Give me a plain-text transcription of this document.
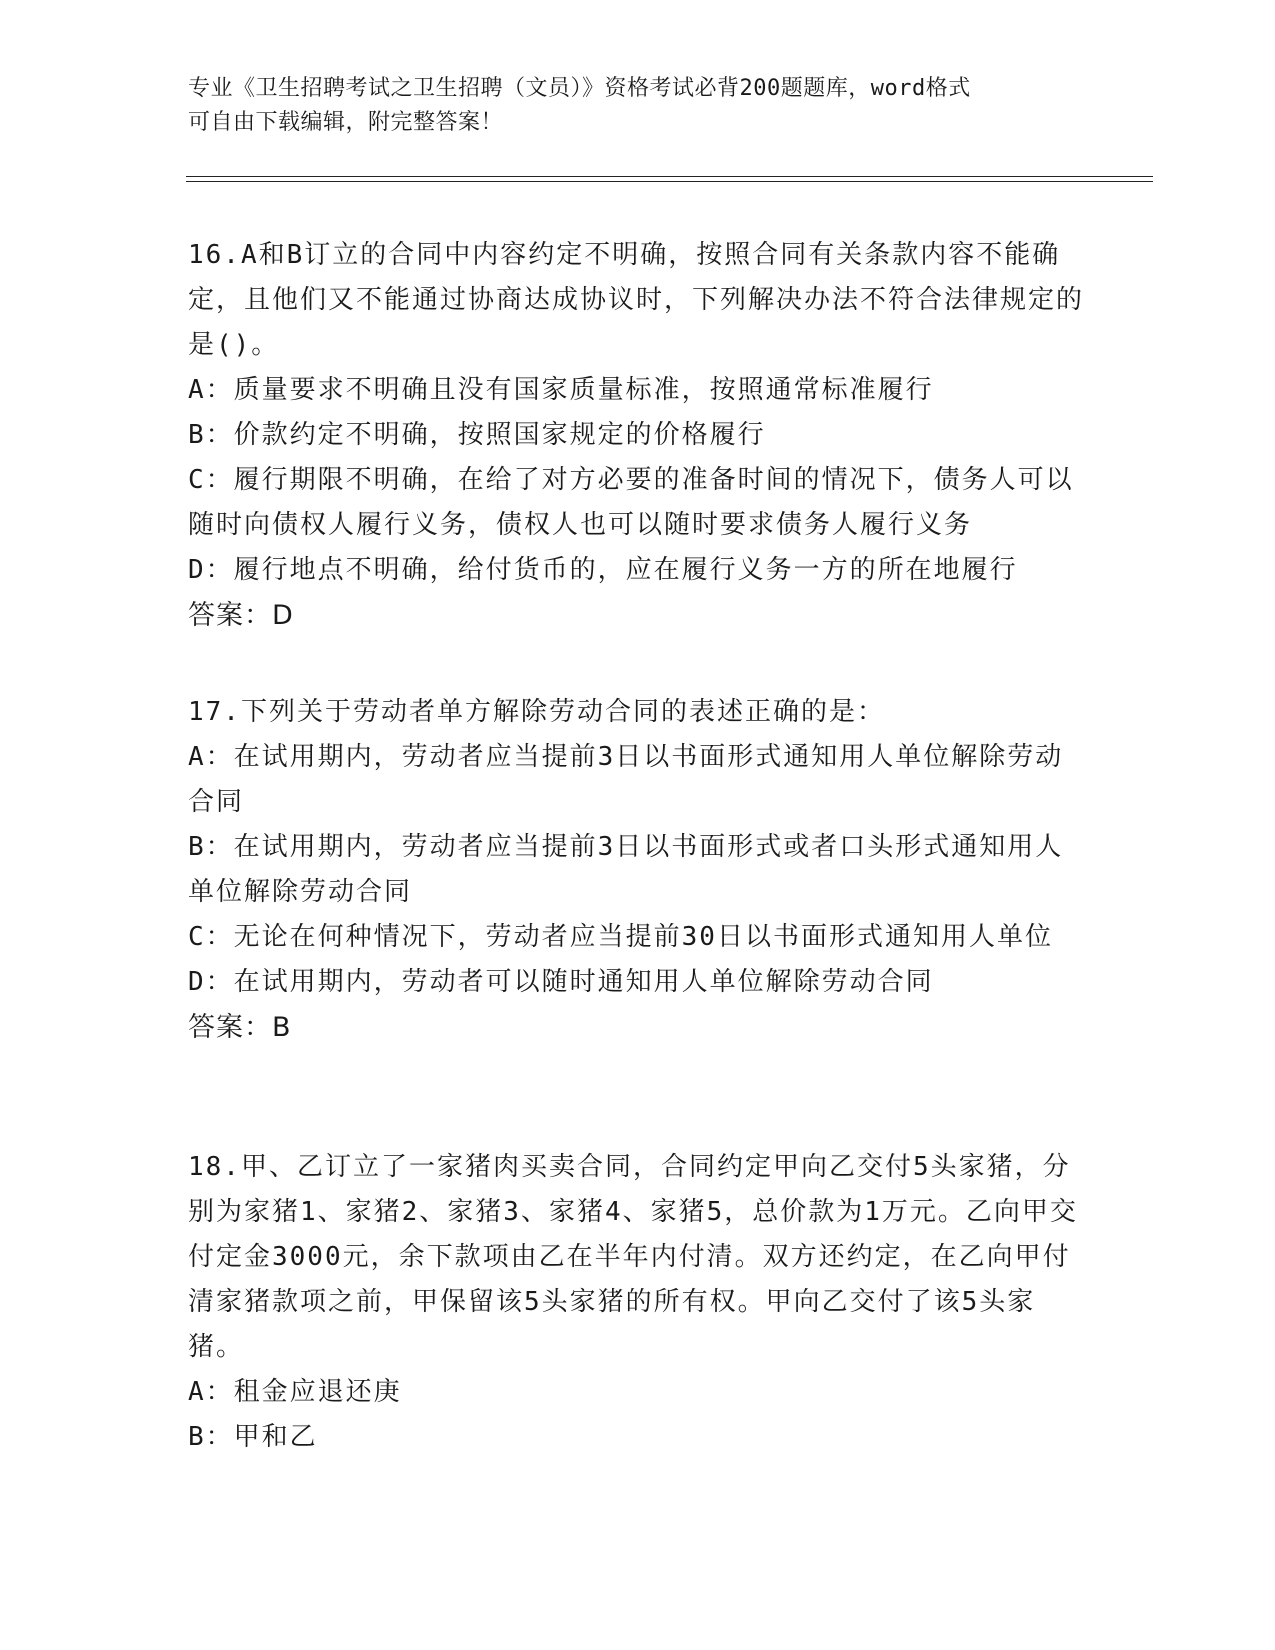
专业《卫生招聘考试之卫生招聘（文员）》资格考试必背200题题库，word格式
可自由下载编辑，附完整答案！

16.A和B订立的合同中内容约定不明确，按照合同有关条款内容不能确定，且他们又不能通过协商达成协议时，下列解决办法不符合法律规定的是()。

A：质量要求不明确且没有国家质量标准，按照通常标准履行

B：价款约定不明确，按照国家规定的价格履行

C：履行期限不明确，在给了对方必要的准备时间的情况下，债务人可以随时向债权人履行义务，债权人也可以随时要求债务人履行义务

D：履行地点不明确，给付货币的，应在履行义务一方的所在地履行

答案：D

17.下列关于劳动者单方解除劳动合同的表述正确的是：

A：在试用期内，劳动者应当提前3日以书面形式通知用人单位解除劳动合同

B：在试用期内，劳动者应当提前3日以书面形式或者口头形式通知用人单位解除劳动合同

C：无论在何种情况下，劳动者应当提前30日以书面形式通知用人单位

D：在试用期内，劳动者可以随时通知用人单位解除劳动合同

答案：B

18.甲、乙订立了一家猪肉买卖合同，合同约定甲向乙交付5头家猪，分别为家猪1、家猪2、家猪3、家猪4、家猪5，总价款为1万元。乙向甲交付定金3000元，余下款项由乙在半年内付清。双方还约定，在乙向甲付清家猪款项之前，甲保留该5头家猪的所有权。甲向乙交付了该5头家猪。

A：租金应退还庚

B：甲和乙
